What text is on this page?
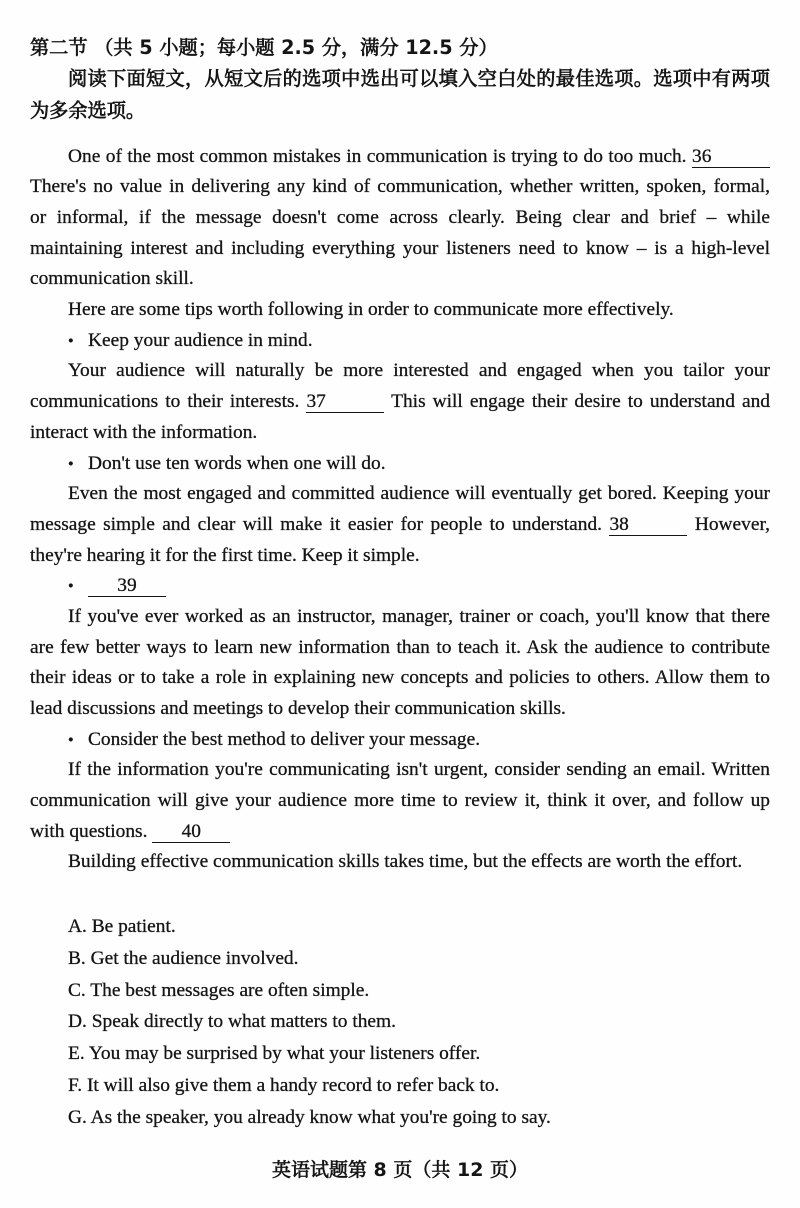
第二节 （共 5 小题；每小题 2.5 分，满分 12.5 分）
阅读下面短文，从短文后的选项中选出可以填入空白处的最佳选项。选项中有两项
为多余选项。
One of the most common mistakes in communication is trying to do too much. 36
There's no value in delivering any kind of communication, whether written, spoken, formal,
or informal, if the message doesn't come across clearly. Being clear and brief – while
maintaining interest and including everything your listeners need to know – is a high-level
communication skill.
Here are some tips worth following in order to communicate more effectively.
• Keep your audience in mind.
Your audience will naturally be more interested and engaged when you tailor your
communications to their interests. 37	This will engage their desire to understand and
interact with the information.
• Don't use ten words when one will do.
Even the most engaged and committed audience will eventually get bored. Keeping your
message simple and clear will make it easier for people to understand. 38	However,
they're hearing it for the first time. Keep it simple.
• 39
If you've ever worked as an instructor, manager, trainer or coach, you'll know that there
are few better ways to learn new information than to teach it. Ask the audience to contribute
their ideas or to take a role in explaining new concepts and policies to others. Allow them to
lead discussions and meetings to develop their communication skills.
• Consider the best method to deliver your message.
If the information you're communicating isn't urgent, consider sending an email. Written
communication will give your audience more time to review it, think it over, and follow up
with questions. 40
Building effective communication skills takes time, but the effects are worth the effort.
A. Be patient.
B. Get the audience involved.
C. The best messages are often simple.
D. Speak directly to what matters to them.
E. You may be surprised by what your listeners offer.
F. It will also give them a handy record to refer back to.
G. As the speaker, you already know what you're going to say.
英语试题第 8 页（共 12 页）
